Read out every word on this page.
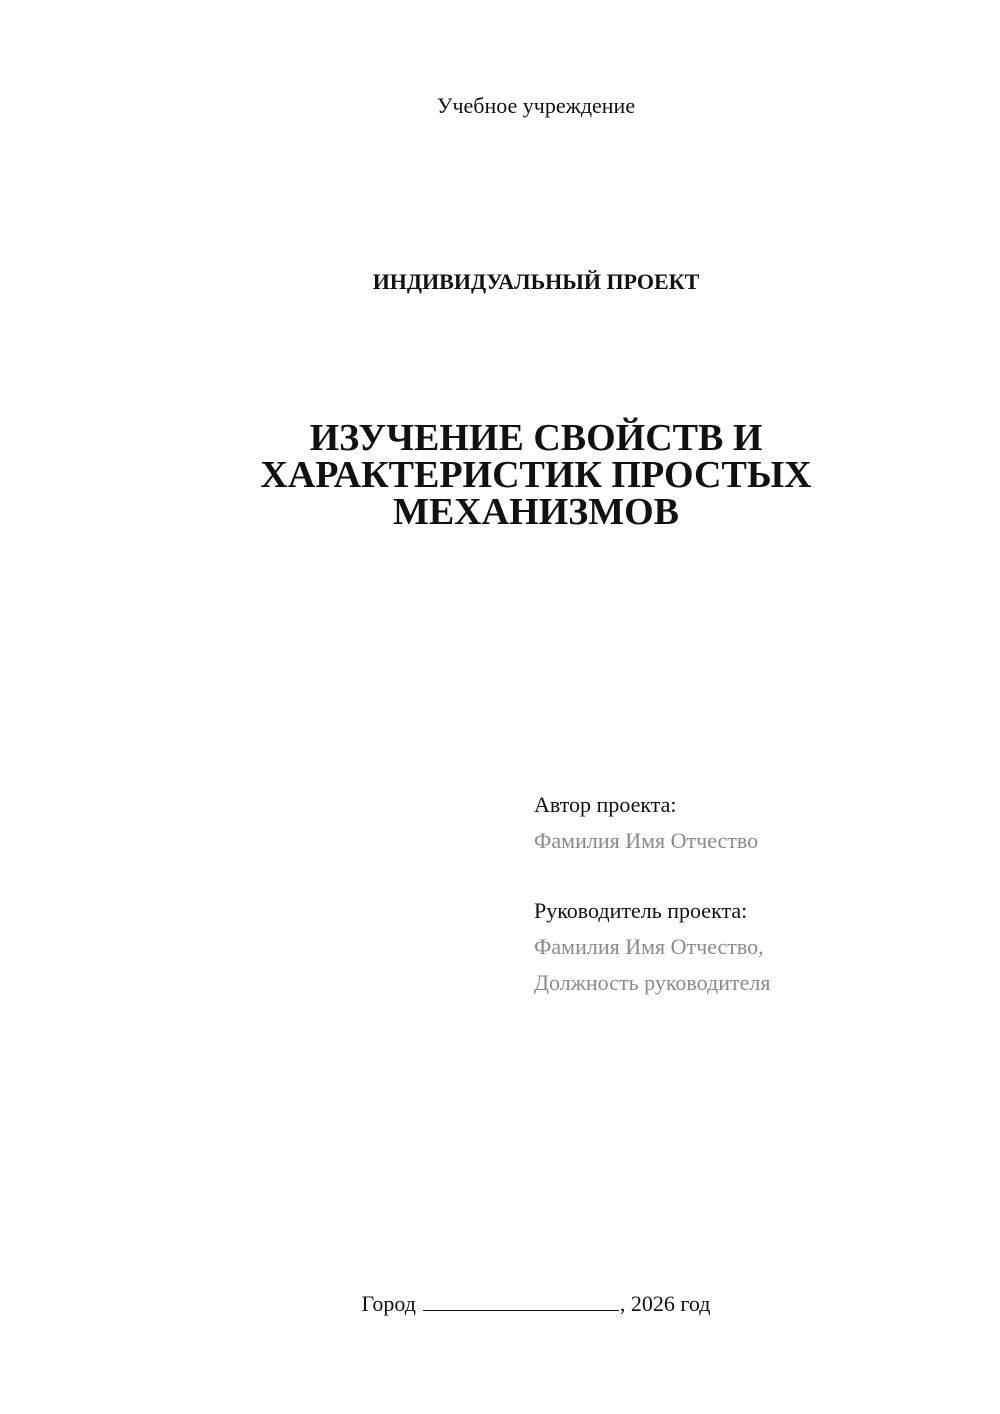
Учебное учреждение
ИНДИВИДУАЛЬНЫЙ ПРОЕКТ
ИЗУЧЕНИЕ СВОЙСТВ И
ХАРАКТЕРИСТИК ПРОСТЫХ
МЕХАНИЗМОВ
Автор проекта:
Фамилия Имя Отчество
Руководитель проекта:
Фамилия Имя Отчество,
Должность руководителя
Город	, 2026 год
